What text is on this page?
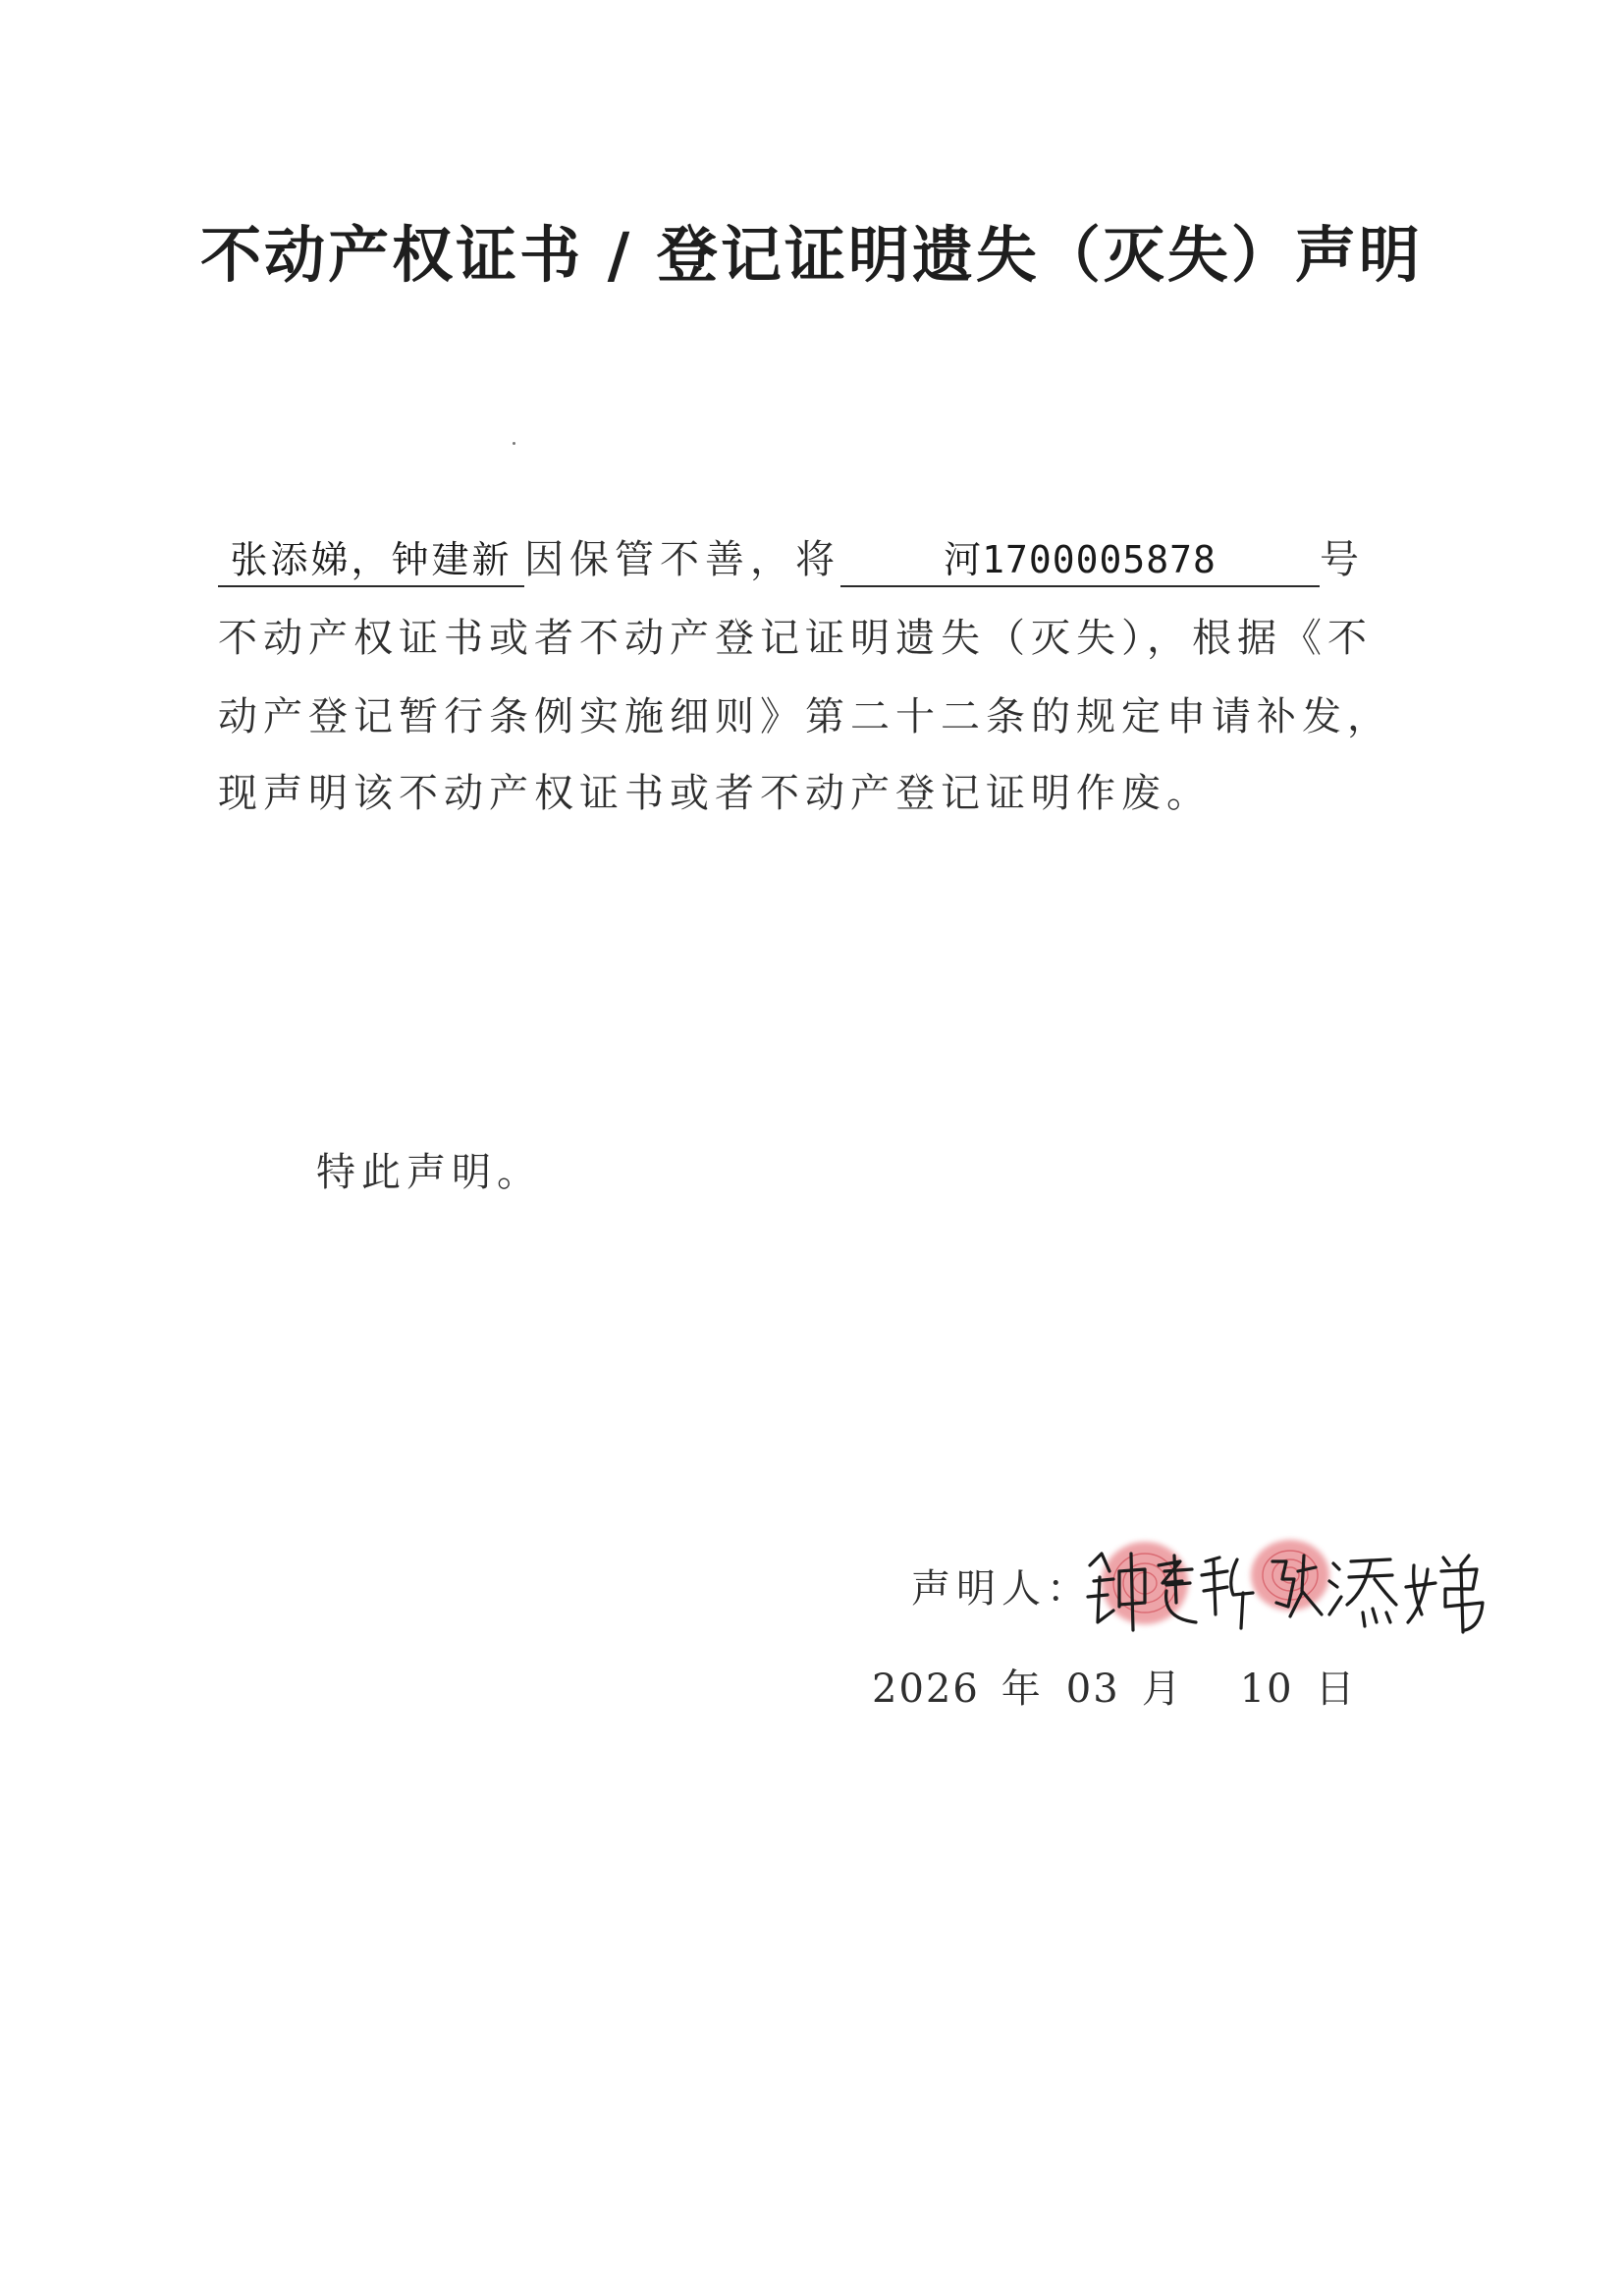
不动产权证书 / 登记证明遗失（灭失）声明
张添娣，钟建新 因保管不善，将	河1700005878	号
不动产权证书或者不动产登记证明遗失（灭失），根据《不
动产登记暂行条例实施细则》第二十二条的规定申请补发，
现声明该不动产权证书或者不动产登记证明作废。
特此声明。
声明人：
2026 年 03 月 10 日
